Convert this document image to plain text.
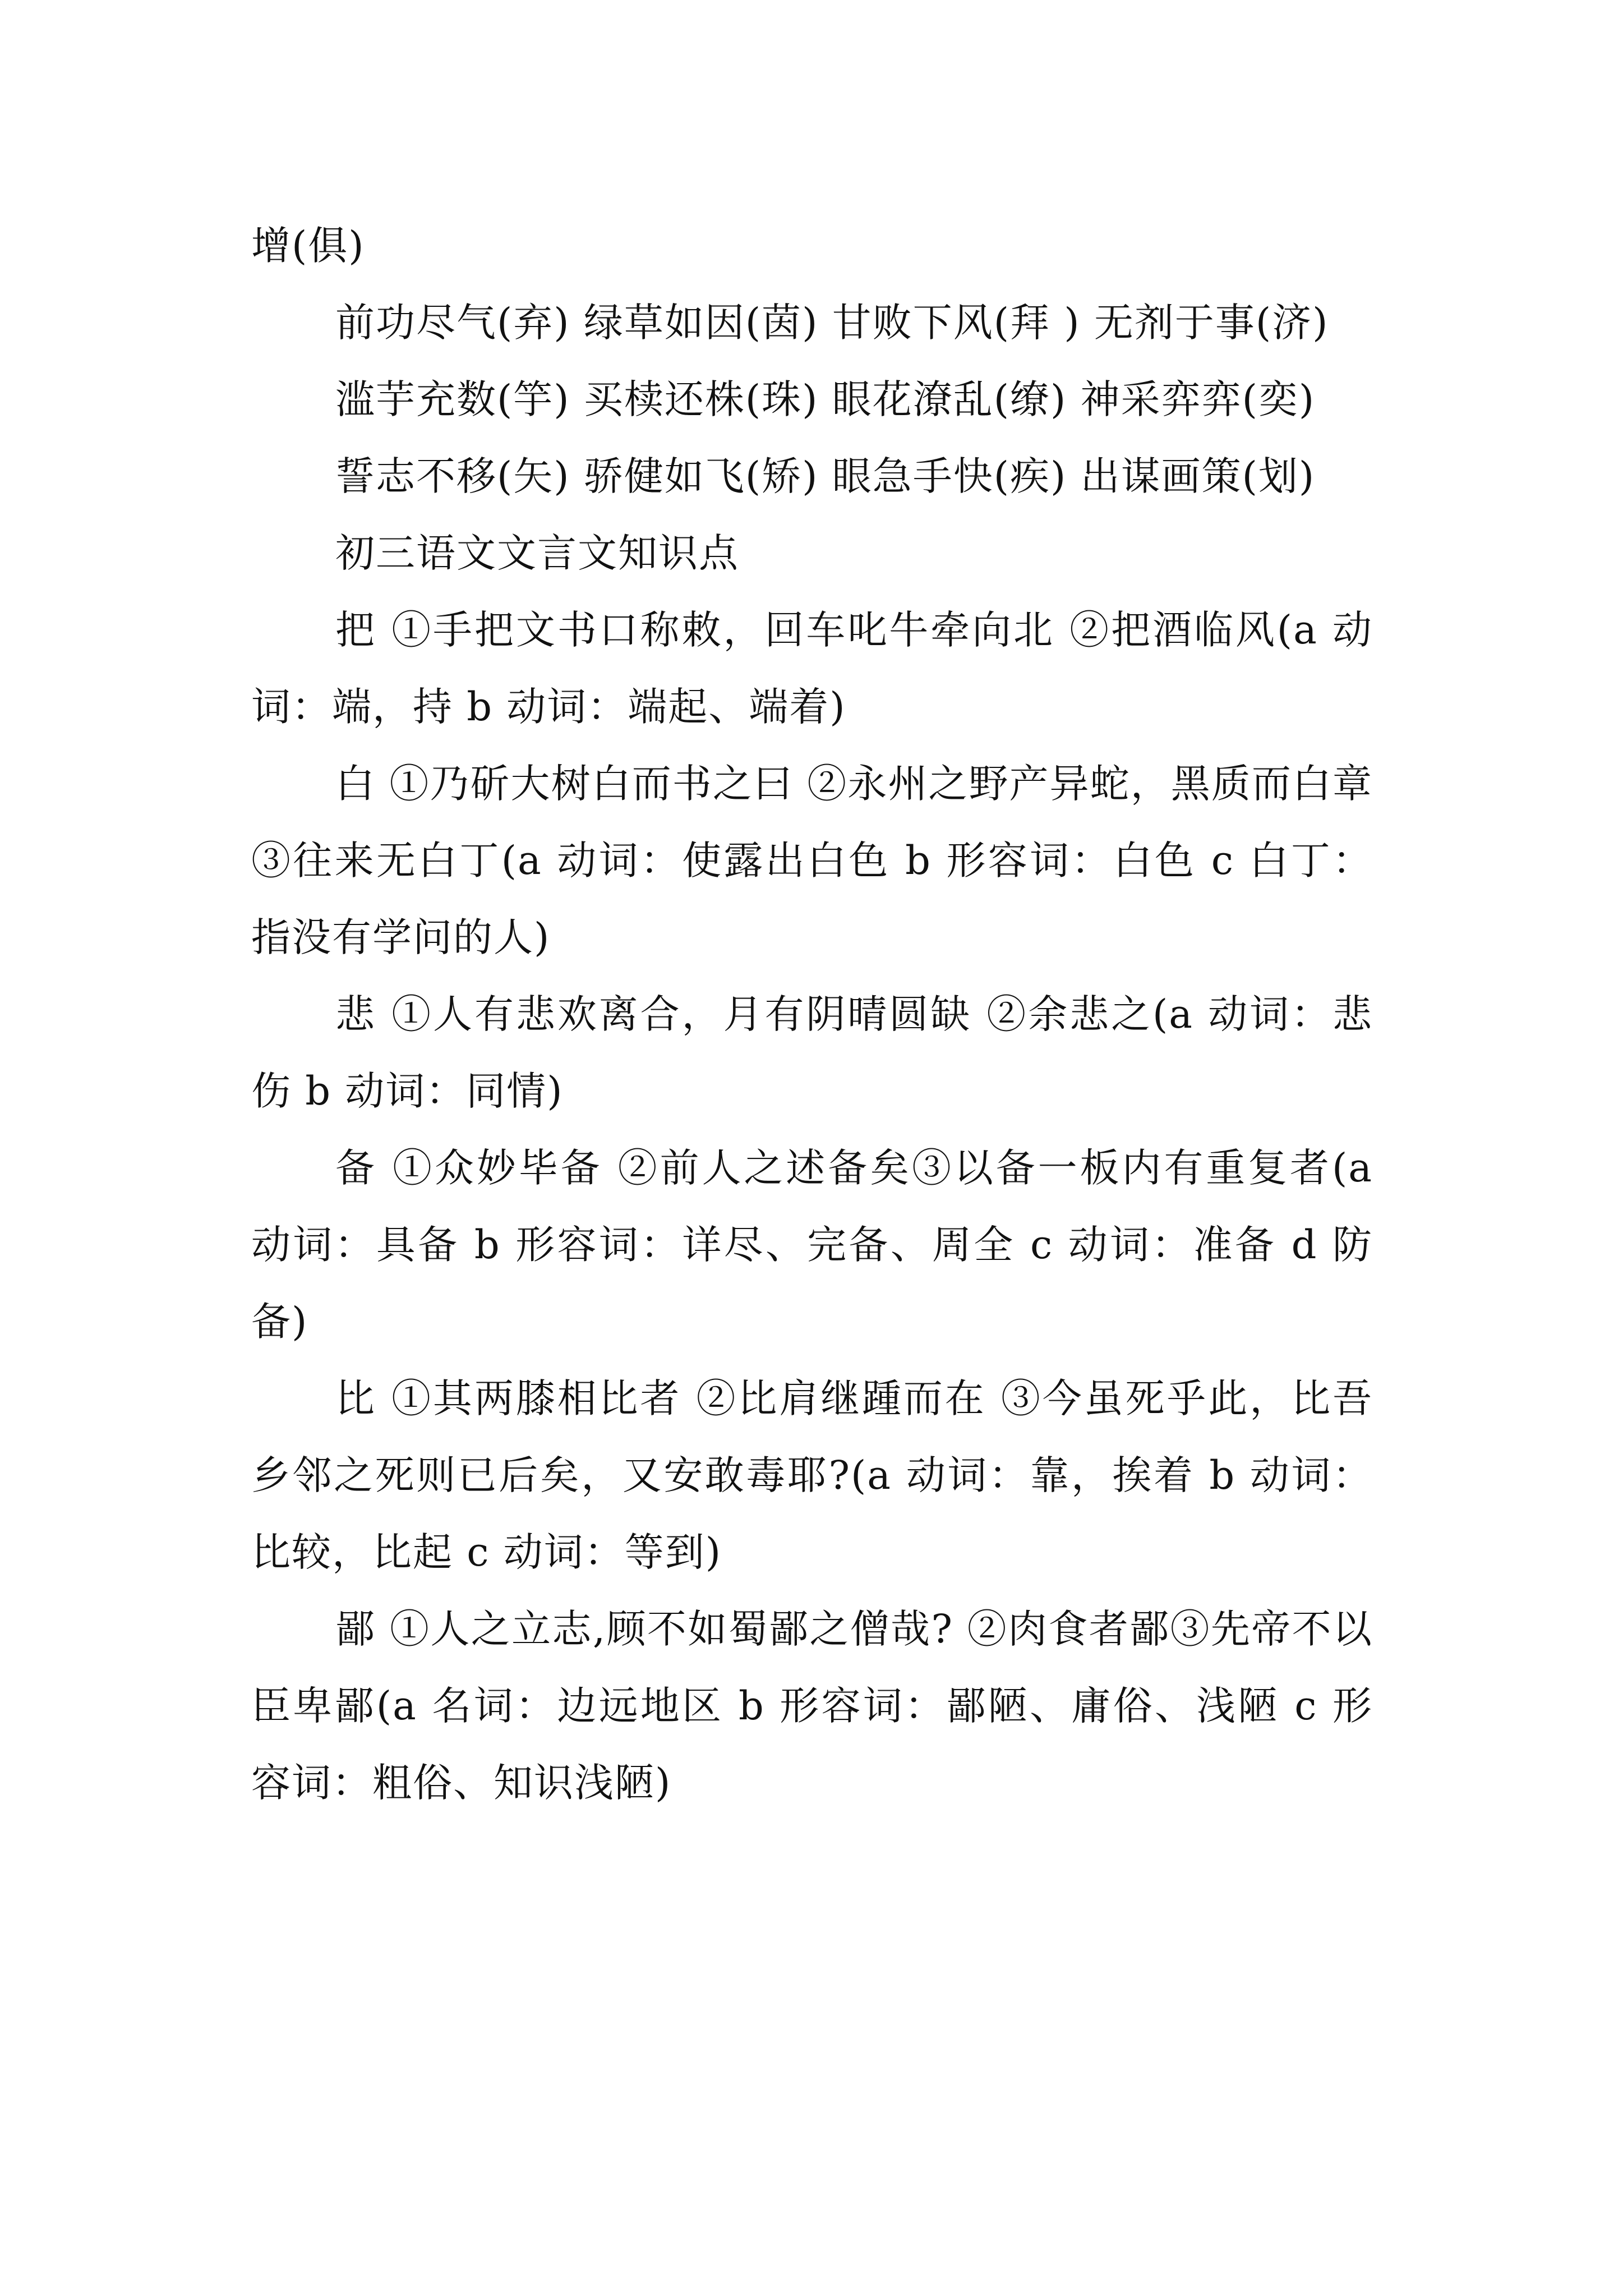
增(俱)

前功尽气(弃) 绿草如因(茵) 甘败下风(拜 ) 无剂于事(济)

滥芋充数(竽) 买椟还株(珠) 眼花潦乱(缭) 神采弈弈(奕)

誓志不移(矢) 骄健如飞(矫) 眼急手快(疾) 出谋画策(划)

初三语文文言文知识点

把 ①手把文书口称敕，回车叱牛牵向北 ②把酒临风(a 动词：端，持 b 动词：端起、端着)

白 ①乃斫大树白而书之曰 ②永州之野产异蛇，黑质而白章 ③往来无白丁(a 动词：使露出白色 b 形容词：白色 c 白丁：指没有学问的人)

悲 ①人有悲欢离合，月有阴晴圆缺 ②余悲之(a 动词：悲伤 b 动词：同情)

备 ①众妙毕备 ②前人之述备矣③以备一板内有重复者(a 动词：具备 b 形容词：详尽、完备、周全 c 动词：准备 d 防备)

比 ①其两膝相比者 ②比肩继踵而在 ③今虽死乎此，比吾乡邻之死则已后矣，又安敢毒耶?(a 动词：靠，挨着 b 动词：比较，比起 c 动词：等到)

鄙 ①人之立志,顾不如蜀鄙之僧哉? ②肉食者鄙③先帝不以臣卑鄙(a 名词：边远地区 b 形容词：鄙陋、庸俗、浅陋 c 形容词：粗俗、知识浅陋)
